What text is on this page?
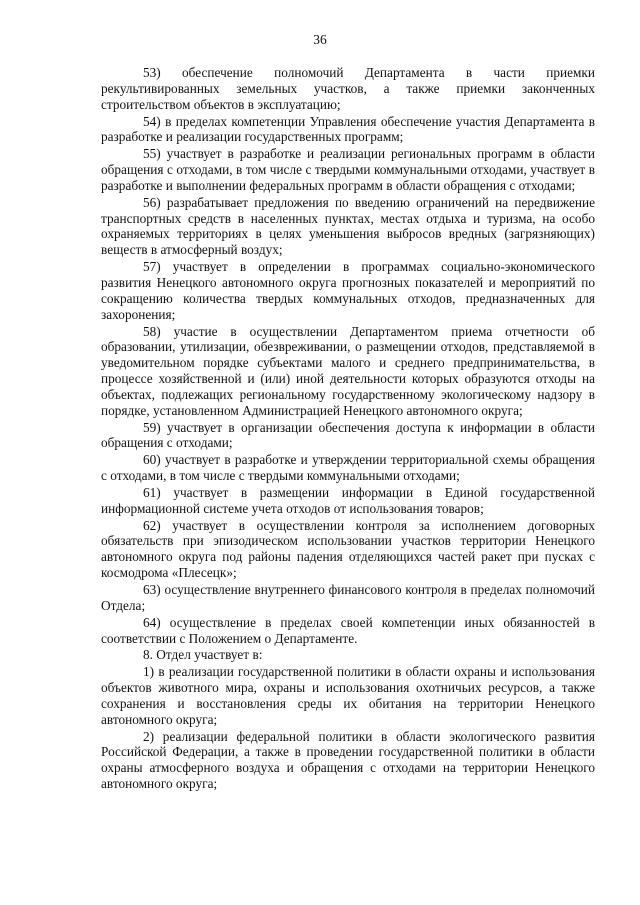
36

53) обеспечение полномочий Департамента в части приемки рекультивированных земельных участков, а также приемки законченных строительством объектов в эксплуатацию;

54) в пределах компетенции Управления обеспечение участия Департамента в разработке и реализации государственных программ;

55) участвует в разработке и реализации региональных программ в области обращения с отходами, в том числе с твердыми коммунальными отходами, участвует в разработке и выполнении федеральных программ в области обращения с отходами;

56) разрабатывает предложения по введению ограничений на передвижение транспортных средств в населенных пунктах, местах отдыха и туризма, на особо охраняемых территориях в целях уменьшения выбросов вредных (загрязняющих) веществ в атмосферный воздух;

57) участвует в определении в программах социально-экономического развития Ненецкого автономного округа прогнозных показателей и мероприятий по сокращению количества твердых коммунальных отходов, предназначенных для захоронения;

58) участие в осуществлении Департаментом приема отчетности об образовании, утилизации, обезвреживании, о размещении отходов, представляемой в уведомительном порядке субъектами малого и среднего предпринимательства, в процессе хозяйственной и (или) иной деятельности которых образуются отходы на объектах, подлежащих региональному государственному экологическому надзору в порядке, установленном Администрацией Ненецкого автономного округа;

59) участвует в организации обеспечения доступа к информации в области обращения с отходами;

60) участвует в разработке и утверждении территориальной схемы обращения с отходами, в том числе с твердыми коммунальными отходами;

61) участвует в размещении информации в Единой государственной информационной системе учета отходов от использования товаров;

62) участвует в осуществлении контроля за исполнением договорных обязательств при эпизодическом использовании участков территории Ненецкого автономного округа под районы падения отделяющихся частей ракет при пусках с космодрома «Плесецк»;

63) осуществление внутреннего финансового контроля в пределах полномочий Отдела;

64) осуществление в пределах своей компетенции иных обязанностей в соответствии с Положением о Департаменте.

8. Отдел участвует в:

1) в реализации государственной политики в области охраны и использования объектов животного мира, охраны и использования охотничьих ресурсов, а также сохранения и восстановления среды их обитания на территории Ненецкого автономного округа;

2) реализации федеральной политики в области экологического развития Российской Федерации, а также в проведении государственной политики в области охраны атмосферного воздуха и обращения с отходами на территории Ненецкого автономного округа;
